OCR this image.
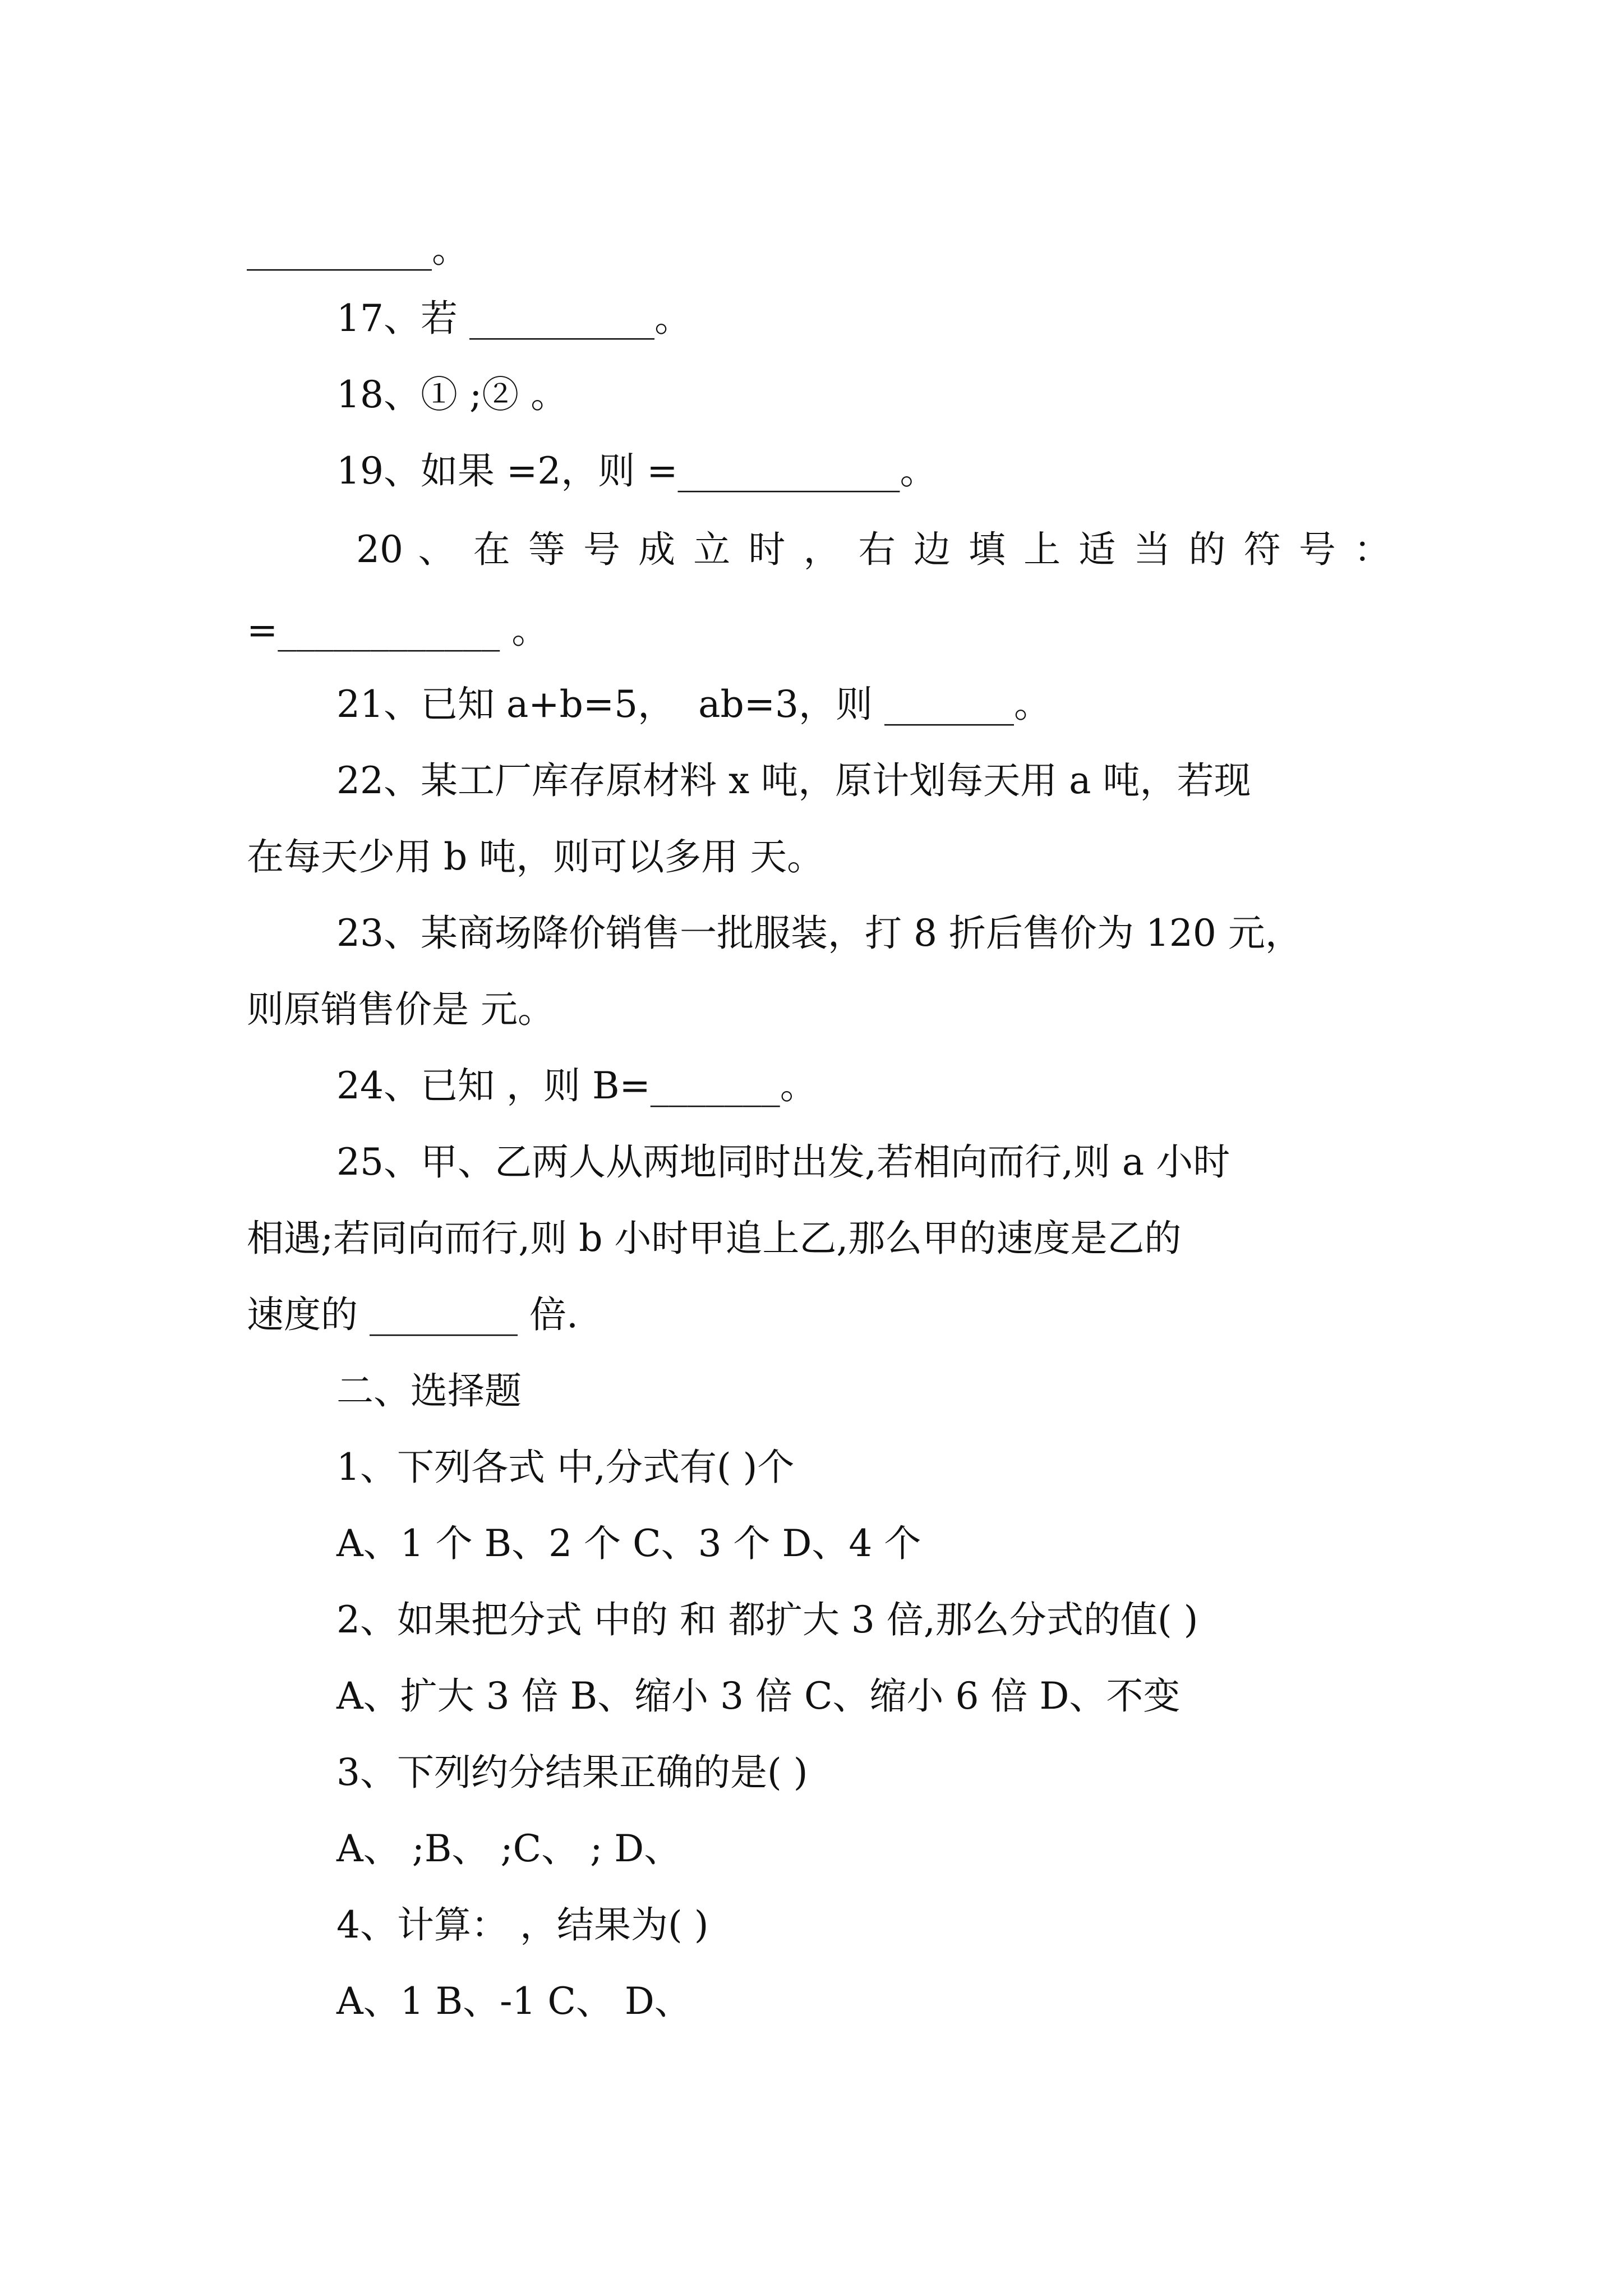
__________。
17、若 __________。
18、① ;② 。
19、如果 =2，则 =____________。
20 、 在 等 号 成 立 时 ， 右 边 填 上 适 当 的 符 号 ：
=____________ 。
21、已知 a+b=5，  ab=3，则 _______。
22、某工厂库存原材料 x 吨，原计划每天用 a 吨，若现
在每天少用 b 吨，则可以多用 天。
23、某商场降价销售一批服装，打 8 折后售价为 120 元，
则原销售价是 元。
24、已知 ，则 B=_______。
25、甲、乙两人从两地同时出发,若相向而行,则 a 小时
相遇;若同向而行,则 b 小时甲追上乙,那么甲的速度是乙的
速度的 ________ 倍.
二、选择题
1、下列各式 中,分式有( )个
A、1 个 B、2 个 C、3 个 D、4 个
2、如果把分式 中的 和 都扩大 3 倍,那么分式的值( )
A、扩大 3 倍 B、缩小 3 倍 C、缩小 6 倍 D、不变
3、下列约分结果正确的是( )
A、 ;B、 ;C、 ; D、
4、计算： ，结果为( )
A、1 B、-1 C、 D、
